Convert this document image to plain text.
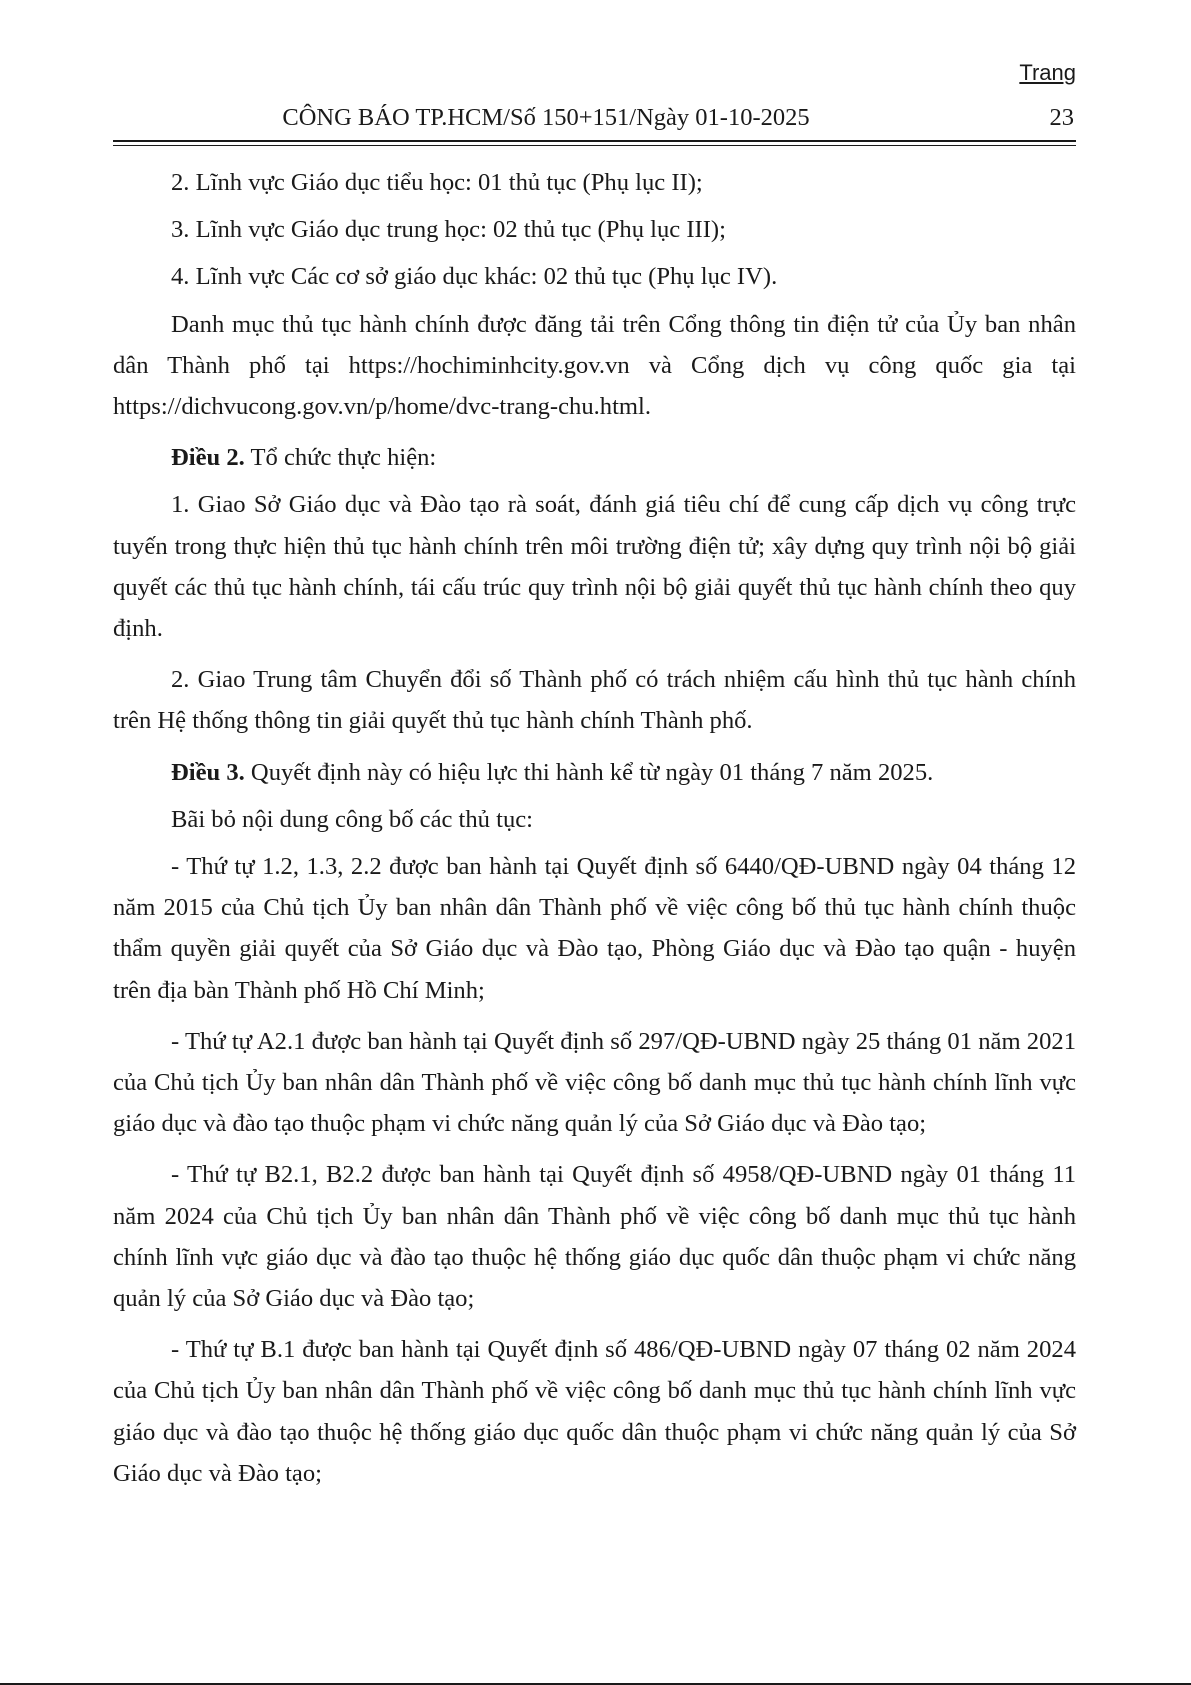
Trang
CÔNG BÁO TP.HCM/Số 150+151/Ngày 01-10-2025	23

2. Lĩnh vực Giáo dục tiểu học: 01 thủ tục (Phụ lục II);

3. Lĩnh vực Giáo dục trung học: 02 thủ tục (Phụ lục III);

4. Lĩnh vực Các cơ sở giáo dục khác: 02 thủ tục (Phụ lục IV).

Danh mục thủ tục hành chính được đăng tải trên Cổng thông tin điện tử của Ủy ban nhân dân Thành phố tại https://hochiminhcity.gov.vn và Cổng dịch vụ công quốc gia tại https://dichvucong.gov.vn/p/home/dvc-trang-chu.html.

Điều 2. Tổ chức thực hiện:

1. Giao Sở Giáo dục và Đào tạo rà soát, đánh giá tiêu chí để cung cấp dịch vụ công trực tuyến trong thực hiện thủ tục hành chính trên môi trường điện tử; xây dựng quy trình nội bộ giải quyết các thủ tục hành chính, tái cấu trúc quy trình nội bộ giải quyết thủ tục hành chính theo quy định.

2. Giao Trung tâm Chuyển đổi số Thành phố có trách nhiệm cấu hình thủ tục hành chính trên Hệ thống thông tin giải quyết thủ tục hành chính Thành phố.

Điều 3. Quyết định này có hiệu lực thi hành kể từ ngày 01 tháng 7 năm 2025.

Bãi bỏ nội dung công bố các thủ tục:

- Thứ tự 1.2, 1.3, 2.2 được ban hành tại Quyết định số 6440/QĐ-UBND ngày 04 tháng 12 năm 2015 của Chủ tịch Ủy ban nhân dân Thành phố về việc công bố thủ tục hành chính thuộc thẩm quyền giải quyết của Sở Giáo dục và Đào tạo, Phòng Giáo dục và Đào tạo quận - huyện trên địa bàn Thành phố Hồ Chí Minh;

- Thứ tự A2.1 được ban hành tại Quyết định số 297/QĐ-UBND ngày 25 tháng 01 năm 2021 của Chủ tịch Ủy ban nhân dân Thành phố về việc công bố danh mục thủ tục hành chính lĩnh vực giáo dục và đào tạo thuộc phạm vi chức năng quản lý của Sở Giáo dục và Đào tạo;

- Thứ tự B2.1, B2.2 được ban hành tại Quyết định số 4958/QĐ-UBND ngày 01 tháng 11 năm 2024 của Chủ tịch Ủy ban nhân dân Thành phố về việc công bố danh mục thủ tục hành chính lĩnh vực giáo dục và đào tạo thuộc hệ thống giáo dục quốc dân thuộc phạm vi chức năng quản lý của Sở Giáo dục và Đào tạo;

- Thứ tự B.1 được ban hành tại Quyết định số 486/QĐ-UBND ngày 07 tháng 02 năm 2024 của Chủ tịch Ủy ban nhân dân Thành phố về việc công bố danh mục thủ tục hành chính lĩnh vực giáo dục và đào tạo thuộc hệ thống giáo dục quốc dân thuộc phạm vi chức năng quản lý của Sở Giáo dục và Đào tạo;
